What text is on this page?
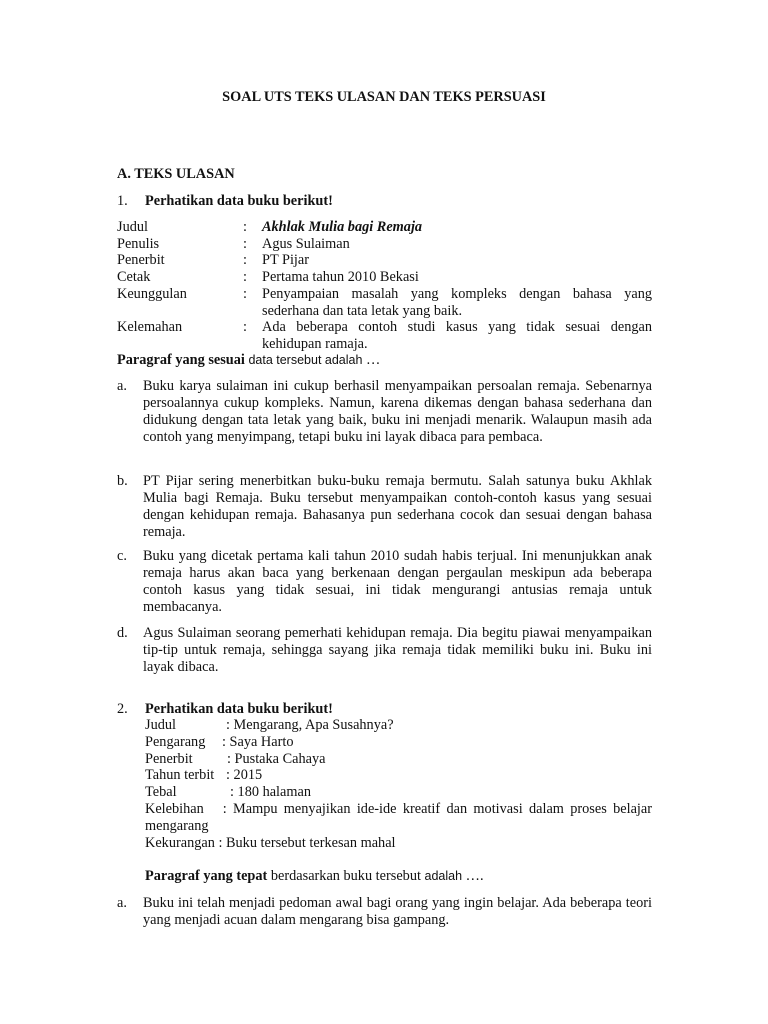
SOAL UTS TEKS ULASAN DAN TEKS PERSUASI
A. TEKS ULASAN
1. Perhatikan data buku berikut!
Judul	: Akhlak Mulia bagi Remaja
Penulis	: Agus Sulaiman
Penerbit	: PT Pijar
Cetak	: Pertama tahun 2010 Bekasi
Keunggulan	: Penyampaian masalah yang kompleks dengan bahasa yang sederhana dan tata letak yang baik.
Kelemahan	: Ada beberapa contoh studi kasus yang tidak sesuai dengan kehidupan ramaja.
Paragraf yang sesuai data tersebut adalah …
a. Buku karya sulaiman ini cukup berhasil menyampaikan persoalan remaja. Sebenarnya persoalannya cukup kompleks. Namun, karena dikemas dengan bahasa sederhana dan didukung dengan tata letak yang baik, buku ini menjadi menarik. Walaupun masih ada contoh yang menyimpang, tetapi buku ini layak dibaca para pembaca.
b. PT Pijar sering menerbitkan buku-buku remaja bermutu. Salah satunya buku Akhlak Mulia bagi Remaja. Buku tersebut menyampaikan contoh-contoh kasus yang sesuai dengan kehidupan remaja. Bahasanya pun sederhana cocok dan sesuai dengan bahasa remaja.
c. Buku yang dicetak pertama kali tahun 2010 sudah habis terjual. Ini menunjukkan anak remaja harus akan baca yang berkenaan dengan pergaulan meskipun ada beberapa contoh kasus yang tidak sesuai, ini tidak mengurangi antusias remaja untuk membacanya.
d. Agus Sulaiman seorang pemerhati kehidupan remaja. Dia begitu piawai menyampaikan tip-tip untuk remaja, sehingga sayang jika remaja tidak memiliki buku ini. Buku ini layak dibaca.
2. Perhatikan data buku berikut!
Judul	: Mengarang, Apa Susahnya?
Pengarang : Saya Harto
Penerbit : Pustaka Cahaya
Tahun terbit : 2015
Tebal	: 180 halaman
Kelebihan   : Mampu menyajikan ide-ide kreatif dan motivasi dalam proses belajar mengarang
Kekurangan : Buku tersebut terkesan mahal
Paragraf yang tepat berdasarkan buku tersebut adalah ….
a. Buku ini telah menjadi pedoman awal bagi orang yang ingin belajar. Ada beberapa teori yang menjadi acuan dalam mengarang bisa gampang.
